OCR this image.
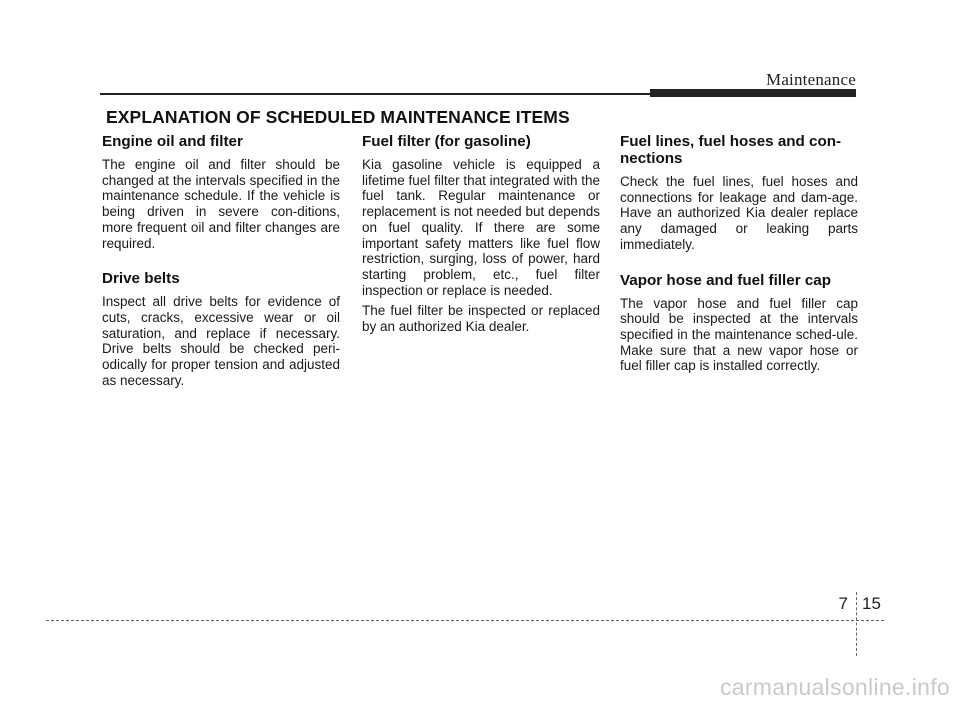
Maintenance
EXPLANATION OF SCHEDULED MAINTENANCE ITEMS
Engine oil and filter

The engine oil and filter should be changed at the intervals specified in the maintenance schedule. If the vehicle is being driven in severe con-ditions, more frequent oil and filter changes are required.

Drive belts

Inspect all drive belts for evidence of cuts, cracks, excessive wear or oil saturation, and replace if necessary. Drive belts should be checked peri-odically for proper tension and adjusted as necessary.

Fuel filter (for gasoline)

Kia gasoline vehicle is equipped a lifetime fuel filter that integrated with the fuel tank. Regular maintenance or replacement is not needed but depends on fuel quality. If there are some important safety matters like fuel flow restriction, surging, loss of power, hard starting problem, etc., fuel filter inspection or replace is needed.

The fuel filter be inspected or replaced by an authorized Kia dealer.

Fuel lines, fuel hoses and con-nections

Check the fuel lines, fuel hoses and connections for leakage and dam-age. Have an authorized Kia dealer replace any damaged or leaking parts immediately.

Vapor hose and fuel filler cap

The vapor hose and fuel filler cap should be inspected at the intervals specified in the maintenance sched-ule. Make sure that a new vapor hose or fuel filler cap is installed correctly.

7 15
carmanualsonline.info
